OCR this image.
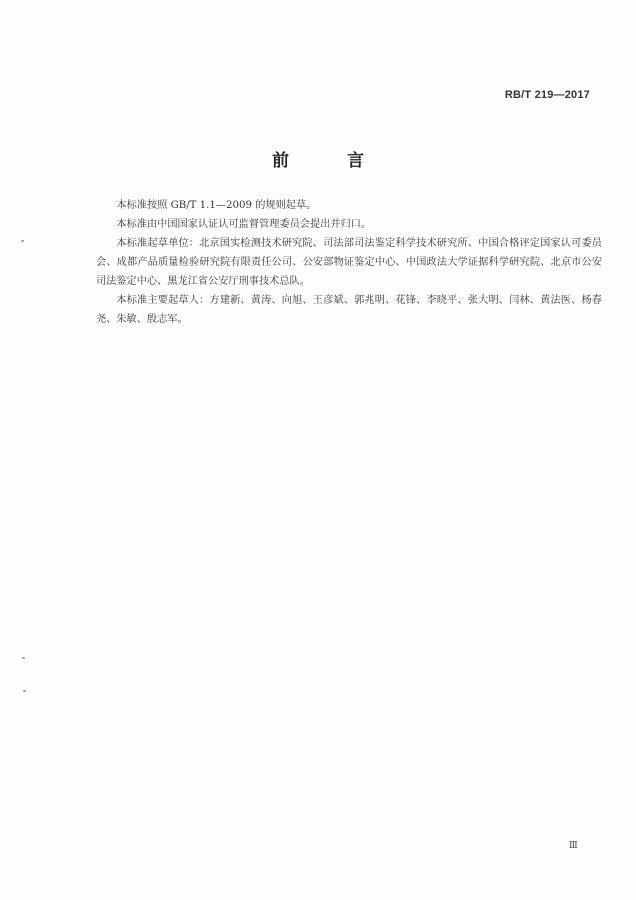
RB/T 219—2017
前 言

本标准按照 GB/T 1.1—2009 的规则起草。

本标准由中国国家认证认可监督管理委员会提出并归口。

本标准起草单位：北京国实检测技术研究院、司法部司法鉴定科学技术研究所、中国合格评定国家认可委员会、成都产品质量检验研究院有限责任公司、公安部物证鉴定中心、中国政法大学证据科学研究院、北京市公安司法鉴定中心、黑龙江省公安厅刑事技术总队。

本标准主要起草人：方建新、黄涛、向旭、王彦斌、郭兆明、花锋、李晓平、张大明、闫林、黄法医、杨春尧、朱敏、殷志军。

Ⅲ
